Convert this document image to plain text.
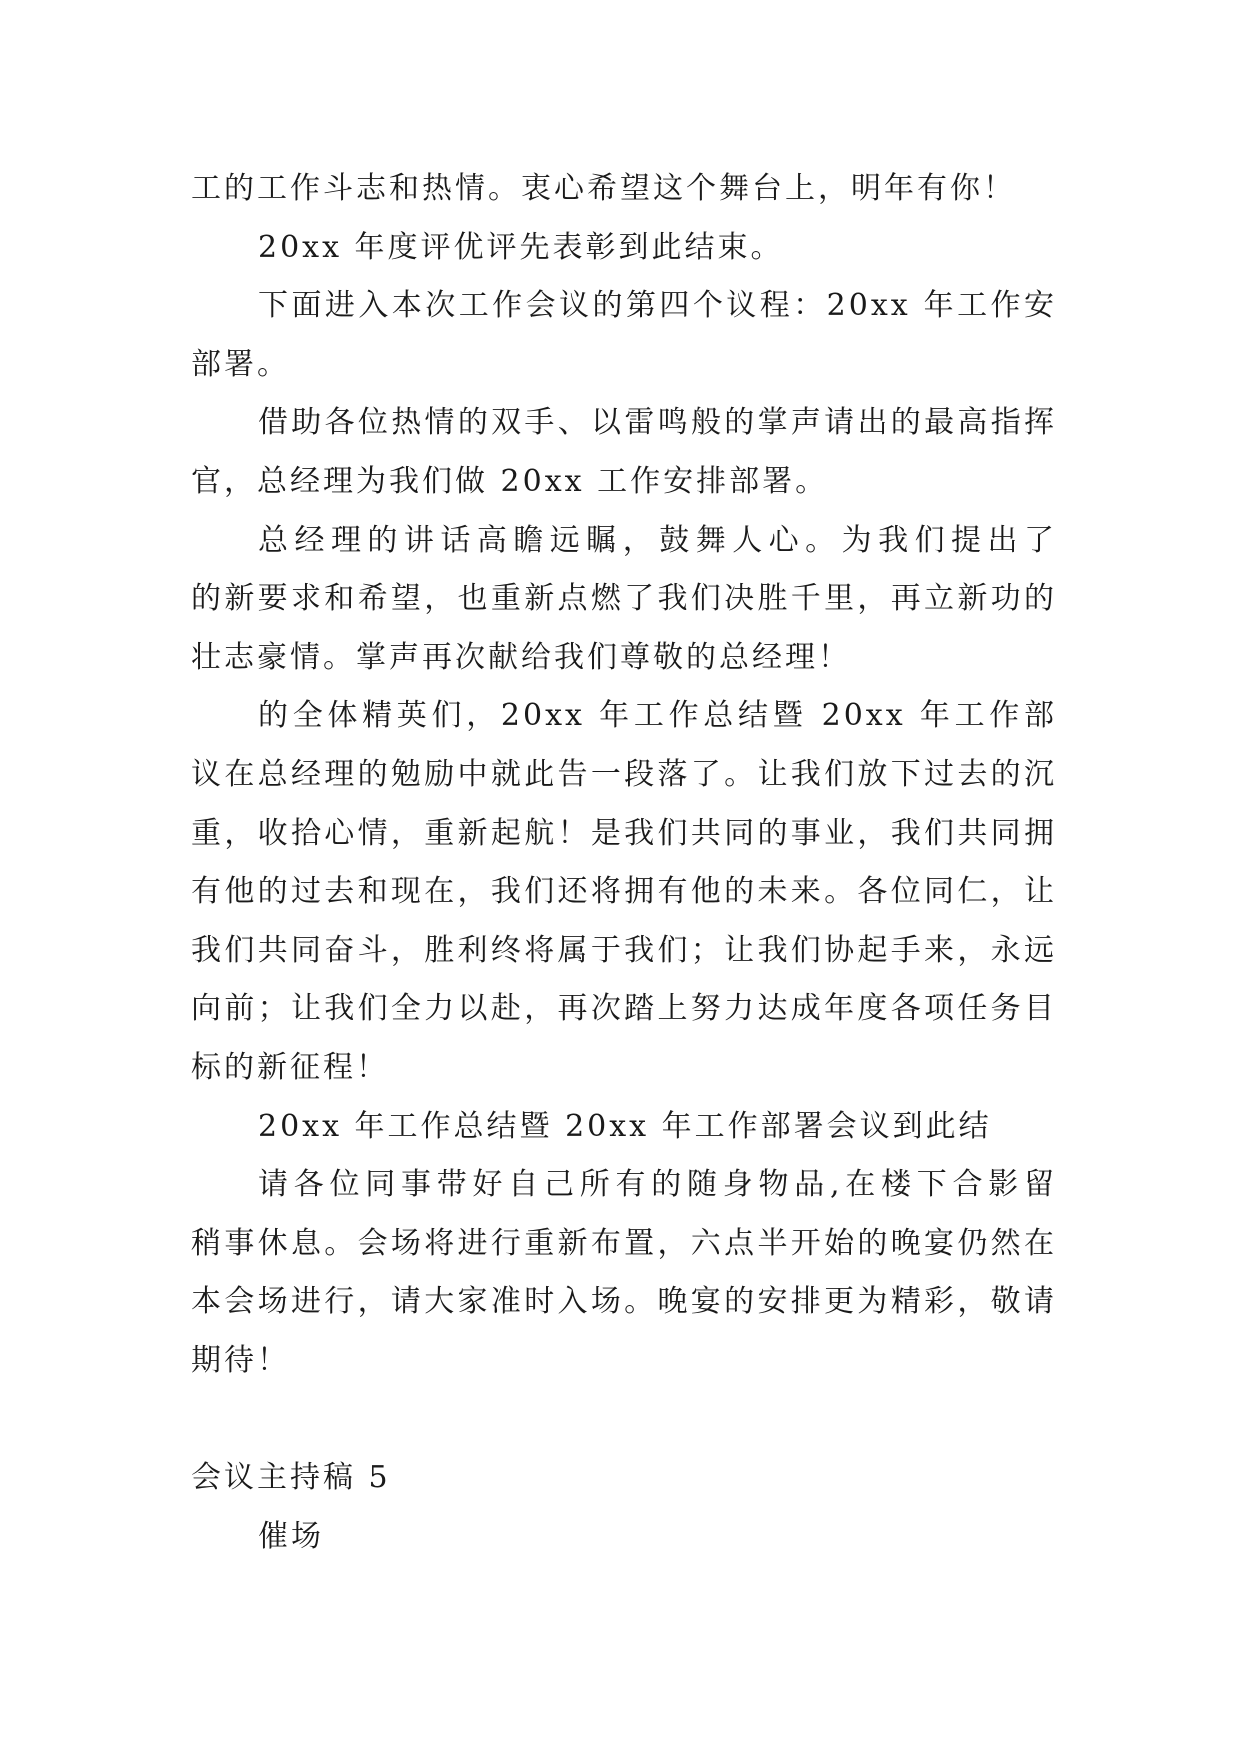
工的工作斗志和热情。衷心希望这个舞台上，明年有你！
20xx 年度评优评先表彰到此结束。
下面进入本次工作会议的第四个议程：20xx 年工作安
部署。
借助各位热情的双手、以雷鸣般的掌声请出的最高指挥
官，总经理为我们做 20xx 工作安排部署。
总经理的讲话高瞻远瞩，鼓舞人心。为我们提出了
的新要求和希望，也重新点燃了我们决胜千里，再立新功的
壮志豪情。掌声再次献给我们尊敬的总经理！
的全体精英们，20xx 年工作总结暨 20xx 年工作部
议在总经理的勉励中就此告一段落了。让我们放下过去的沉
重，收拾心情，重新起航！是我们共同的事业，我们共同拥
有他的过去和现在，我们还将拥有他的未来。各位同仁，让
我们共同奋斗，胜利终将属于我们；让我们协起手来，永远
向前；让我们全力以赴，再次踏上努力达成年度各项任务目
标的新征程！
20xx 年工作总结暨 20xx 年工作部署会议到此结
请各位同事带好自己所有的随身物品,在楼下合影留
稍事休息。会场将进行重新布置，六点半开始的晚宴仍然在
本会场进行，请大家准时入场。晚宴的安排更为精彩，敬请
期待！
会议主持稿 5
催场
